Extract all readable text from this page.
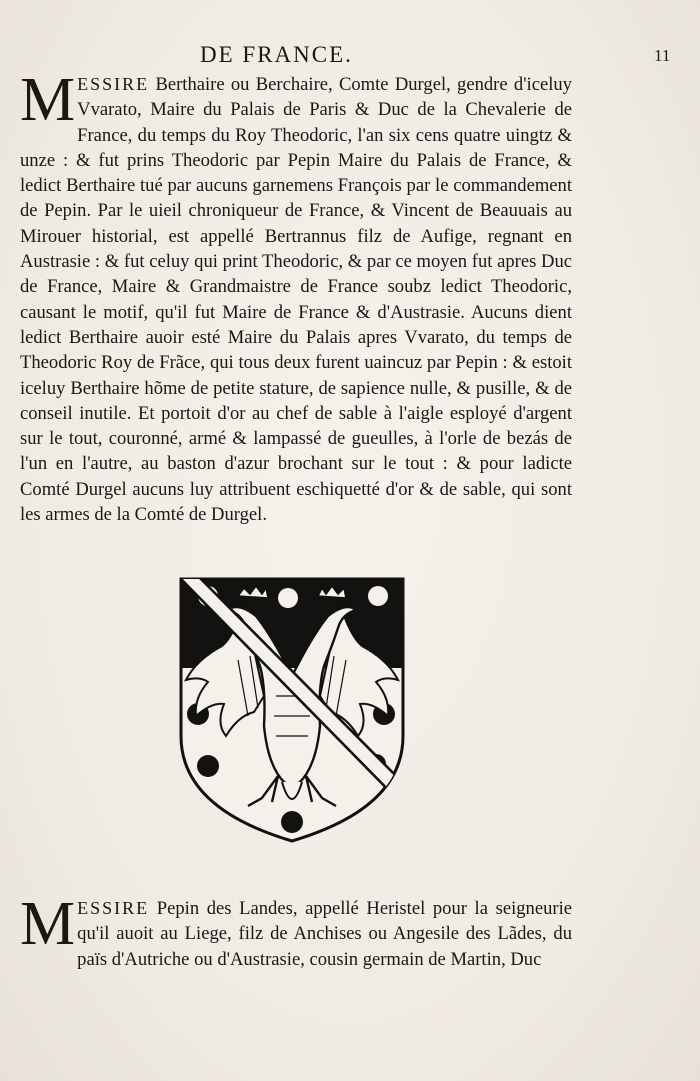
DE FRANCE.	11

MESSIRE Berthaire ou Berchaire, Comte Durgel, gendre d'iceluy Vvarato, Maire du Palais de Paris & Duc de la Chevalerie de France, du temps du Roy Theodoric, l'an six cens quatre uingtz & unze : & fut prins Theodoric par Pepin Maire du Palais de France, & ledict Berthaire tué par aucuns garnemens François par le commandement de Pepin. Par le uieil chroniqueur de France, & Vincent de Beauuais au Mirouer historial, est appellé Bertrannus filz de Aufige, regnant en Austrasie : & fut celuy qui print Theodoric, & par ce moyen fut apres Duc de France, Maire & Grandmaistre de France soubz ledict Theodoric, causant le motif, qu'il fut Maire de France & d'Austrasie. Aucuns dient ledict Berthaire auoir esté Maire du Palais apres Vvarato, du temps de Theodoric Roy de Frãce, qui tous deux furent uaincuz par Pepin : & estoit iceluy Berthaire hõme de petite stature, de sapience nulle, & pusille, & de conseil inutile. Et portoit d'or au chef de sable à l'aigle esployé d'argent sur le tout, couronné, armé & lampassé de gueulles, à l'orle de bezás de l'un en l'autre, au baston d'azur brochant sur le tout : & pour ladicte Comté Durgel aucuns luy attribuent eschiquetté d'or & de sable, qui sont les armes de la Comté de Durgel.

MESSIRE Pepin des Landes, appellé Heristel pour la seigneurie qu'il auoit au Liege, filz de Anchises ou Angesile des Lãdes, du paїs d'Autriche ou d'Austrasie, cousin germain de Martin, Duc
